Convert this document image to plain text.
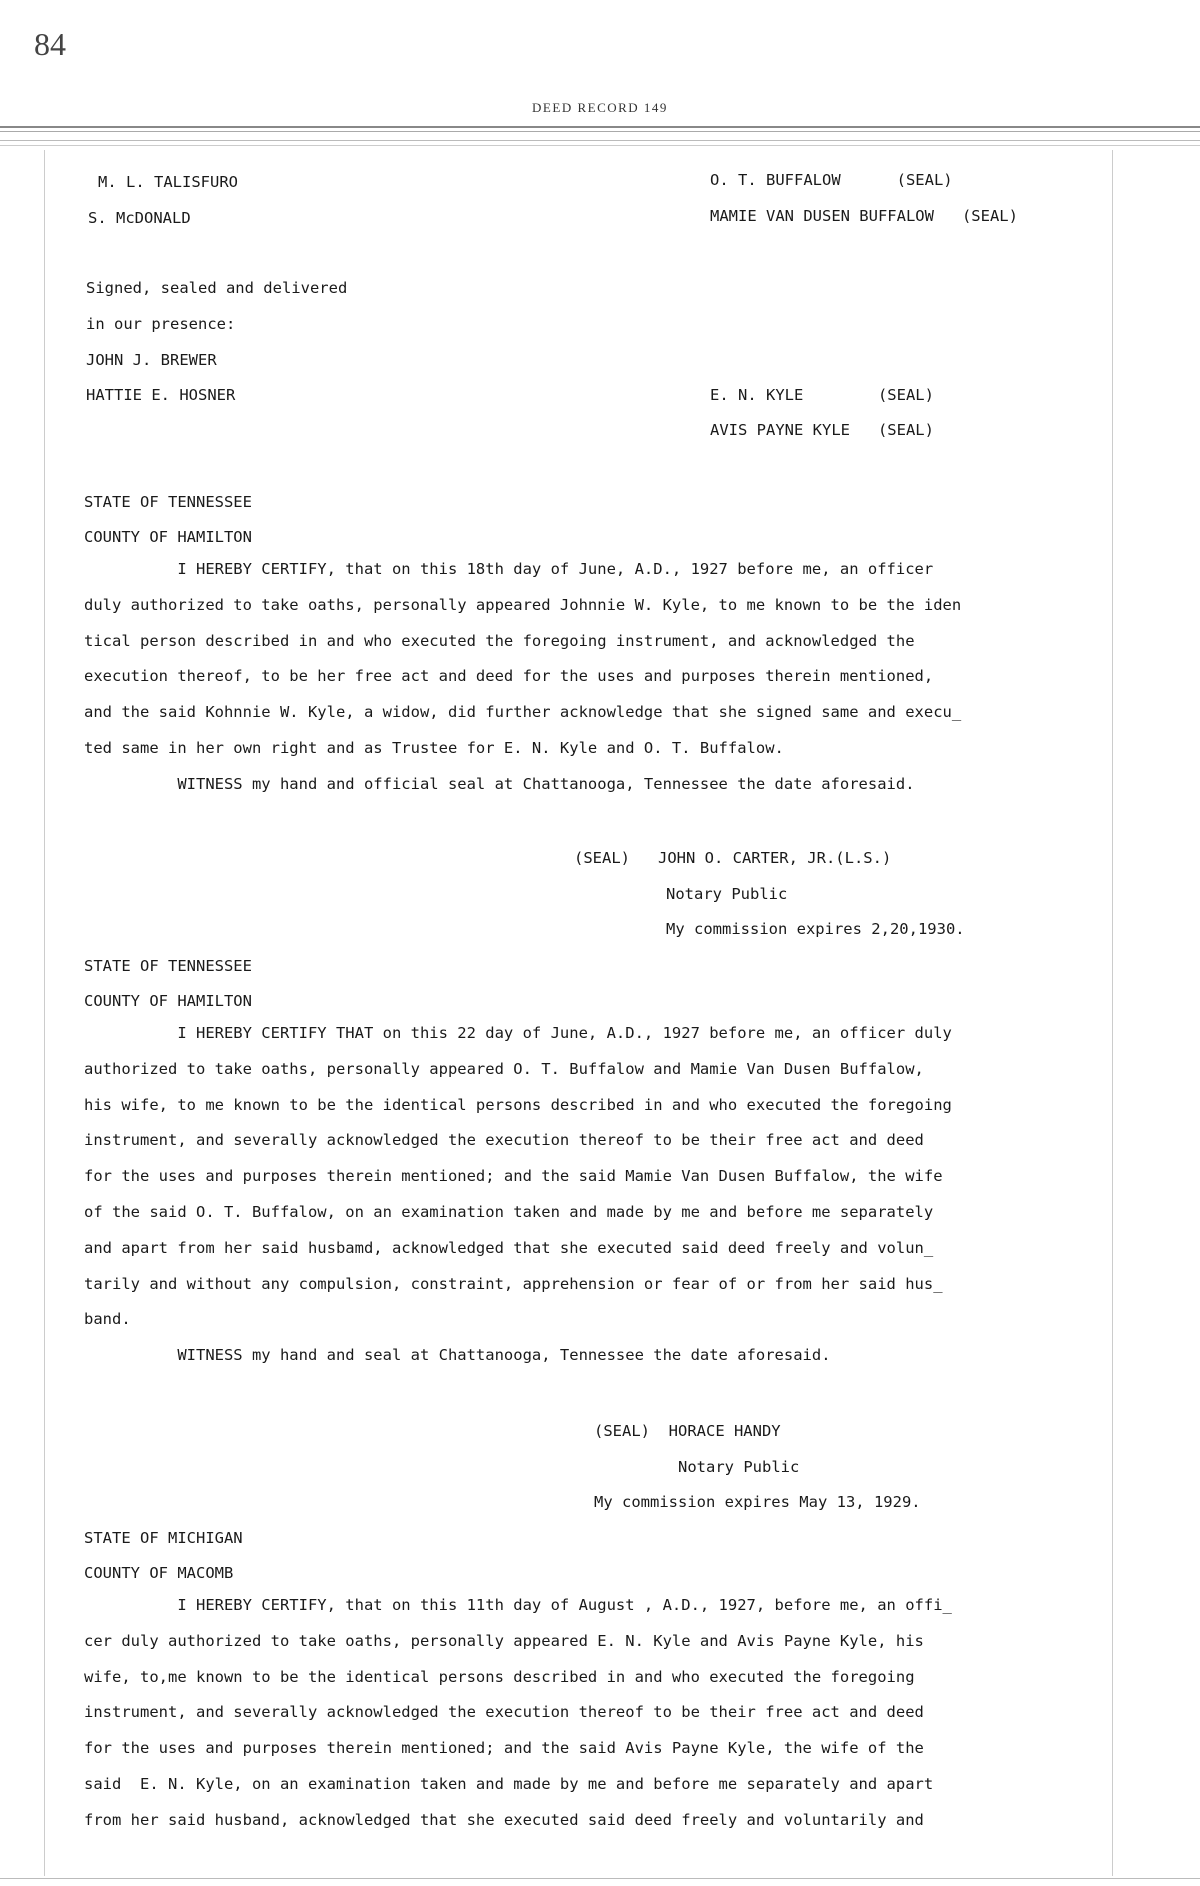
84
DEED RECORD 149
M. L. TALISFURO
S. McDONALD
O. T. BUFFALOW      (SEAL)
MAMIE VAN DUSEN BUFFALOW   (SEAL)
Signed, sealed and delivered
in our presence:
JOHN J. BREWER
HATTIE E. HOSNER	E. N. KYLE        (SEAL)
AVIS PAYNE KYLE   (SEAL)
STATE OF TENNESSEE
COUNTY OF HAMILTON
I HEREBY CERTIFY, that on this 18th day of June, A.D., 1927 before me, an officer
duly authorized to take oaths, personally appeared Johnnie W. Kyle, to me known to be the iden
tical person described in and who executed the foregoing instrument, and acknowledged the
execution thereof, to be her free act and deed for the uses and purposes therein mentioned,
and the said Kohnnie W. Kyle, a widow, did further acknowledge that she signed same and execu_
ted same in her own right and as Trustee for E. N. Kyle and O. T. Buffalow.
WITNESS my hand and official seal at Chattanooga, Tennessee the date aforesaid.
(SEAL)   JOHN O. CARTER, JR.(L.S.)
Notary Public
My commission expires 2,20,1930.
STATE OF TENNESSEE
COUNTY OF HAMILTON
I HEREBY CERTIFY THAT on this 22 day of June, A.D., 1927 before me, an officer duly
authorized to take oaths, personally appeared O. T. Buffalow and Mamie Van Dusen Buffalow,
his wife, to me known to be the identical persons described in and who executed the foregoing
instrument, and severally acknowledged the execution thereof to be their free act and deed
for the uses and purposes therein mentioned; and the said Mamie Van Dusen Buffalow, the wife
of the said O. T. Buffalow, on an examination taken and made by me and before me separately
and apart from her said husbamd, acknowledged that she executed said deed freely and volun_
tarily and without any compulsion, constraint, apprehension or fear of or from her said hus_
band.
WITNESS my hand and seal at Chattanooga, Tennessee the date aforesaid.
(SEAL)  HORACE HANDY
Notary Public
My commission expires May 13, 1929.
STATE OF MICHIGAN
COUNTY OF MACOMB
I HEREBY CERTIFY, that on this 11th day of August , A.D., 1927, before me, an offi_
cer duly authorized to take oaths, personally appeared E. N. Kyle and Avis Payne Kyle, his
wife, to,me known to be the identical persons described in and who executed the foregoing
instrument, and severally acknowledged the execution thereof to be their free act and deed
for the uses and purposes therein mentioned; and the said Avis Payne Kyle, the wife of the
said  E. N. Kyle, on an examination taken and made by me and before me separately and apart
from her said husband, acknowledged that she executed said deed freely and voluntarily and
